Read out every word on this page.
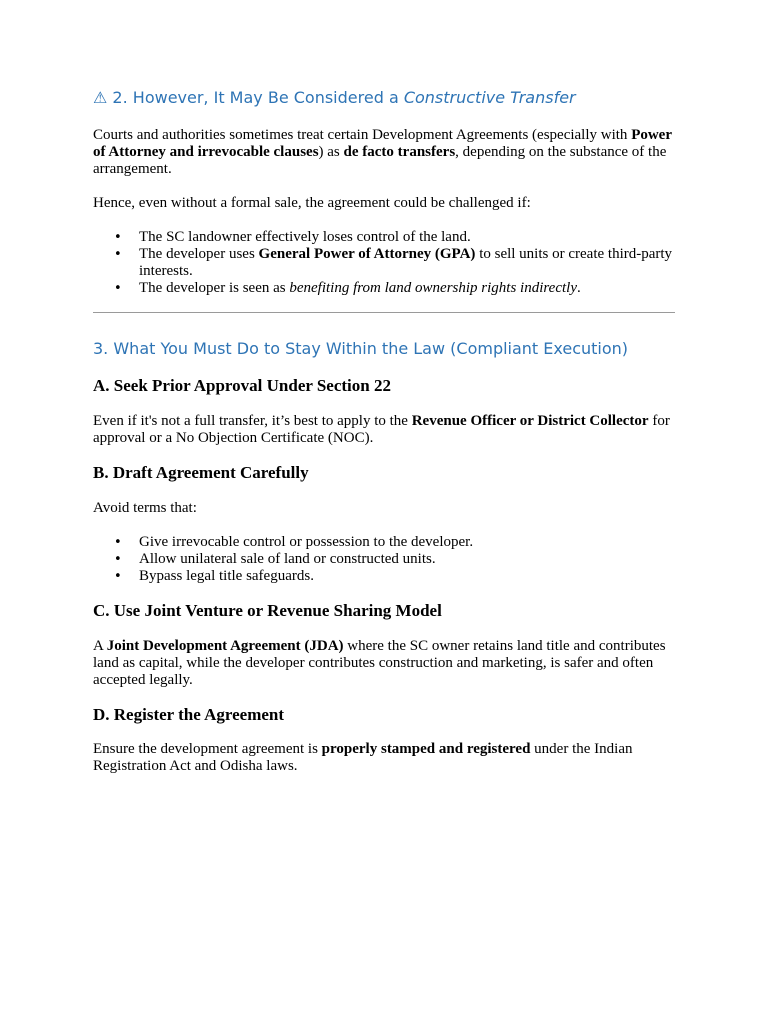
⚠ 2. However, It May Be Considered a Constructive Transfer

Courts and authorities sometimes treat certain Development Agreements (especially with Power of Attorney and irrevocable clauses) as de facto transfers, depending on the substance of the arrangement.

Hence, even without a formal sale, the agreement could be challenged if:

• The SC landowner effectively loses control of the land.
• The developer uses General Power of Attorney (GPA) to sell units or create third-party interests.
• The developer is seen as benefiting from land ownership rights indirectly.
3. What You Must Do to Stay Within the Law (Compliant Execution)
A. Seek Prior Approval Under Section 22

Even if it's not a full transfer, it’s best to apply to the Revenue Officer or District Collector for approval or a No Objection Certificate (NOC).

B. Draft Agreement Carefully

Avoid terms that:

• Give irrevocable control or possession to the developer.
• Allow unilateral sale of land or constructed units.
• Bypass legal title safeguards.
C. Use Joint Venture or Revenue Sharing Model

A Joint Development Agreement (JDA) where the SC owner retains land title and contributes land as capital, while the developer contributes construction and marketing, is safer and often accepted legally.

D. Register the Agreement

Ensure the development agreement is properly stamped and registered under the Indian Registration Act and Odisha laws.
